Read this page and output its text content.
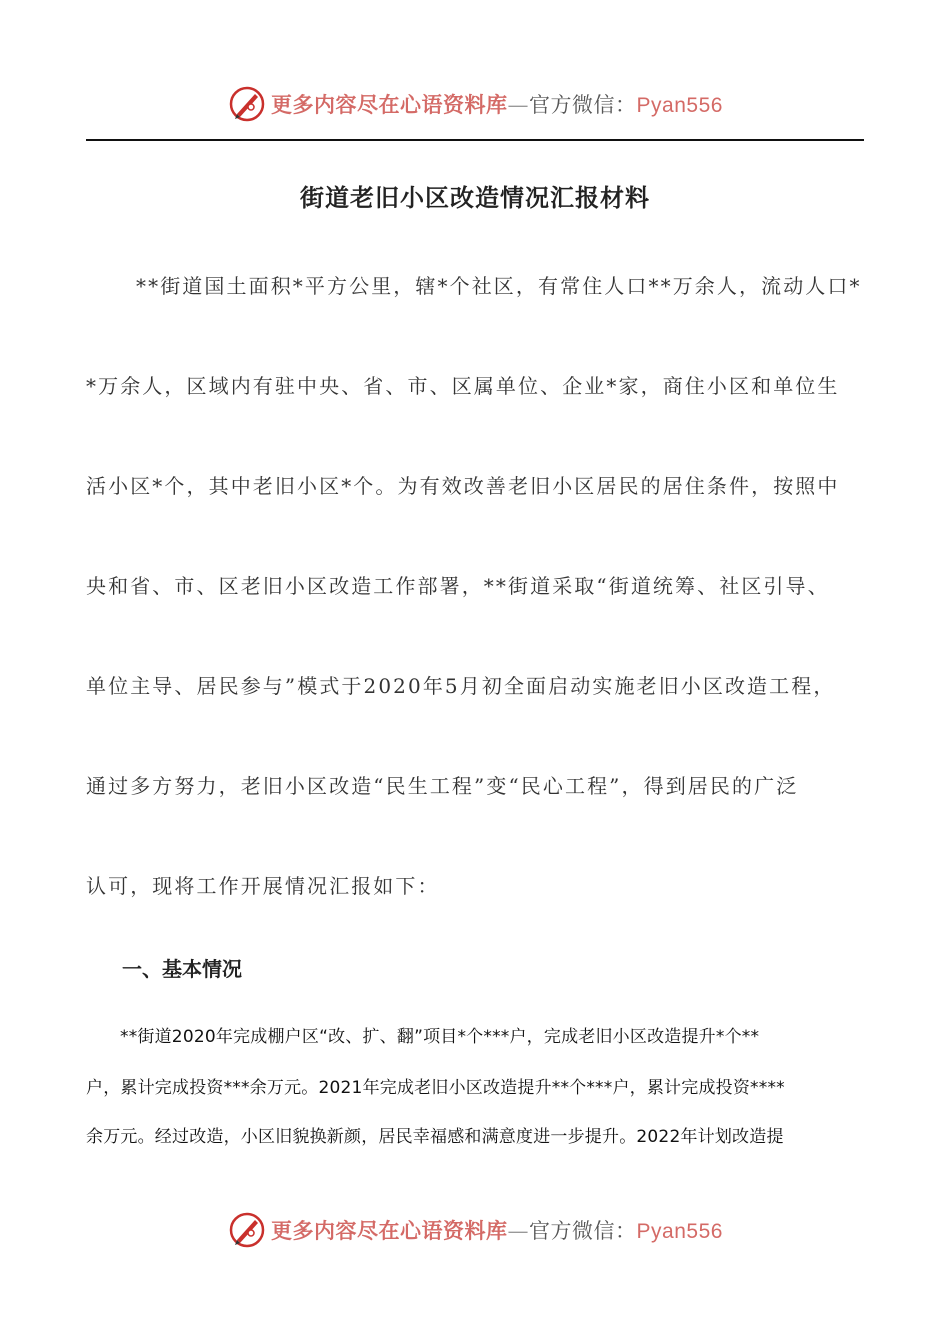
更多内容尽在心语资料库—官方微信：Pyan556
街道老旧小区改造情况汇报材料
**街道国土面积*平方公里，辖*个社区，有常住人口**万余人，流动人口*
*万余人，区域内有驻中央、省、市、区属单位、企业*家，商住小区和单位生
活小区*个，其中老旧小区*个。为有效改善老旧小区居民的居住条件，按照中
央和省、市、区老旧小区改造工作部署，**街道采取“街道统筹、社区引导、
单位主导、居民参与”模式于2020年5月初全面启动实施老旧小区改造工程，
通过多方努力，老旧小区改造“民生工程”变“民心工程”，得到居民的广泛
认可，现将工作开展情况汇报如下：
一、基本情况
**街道2020年完成棚户区“改、扩、翻”项目*个***户，完成老旧小区改造提升*个**
户，累计完成投资***余万元。2021年完成老旧小区改造提升**个***户，累计完成投资****
余万元。经过改造，小区旧貌换新颜，居民幸福感和满意度进一步提升。2022年计划改造提
更多内容尽在心语资料库—官方微信：Pyan556
